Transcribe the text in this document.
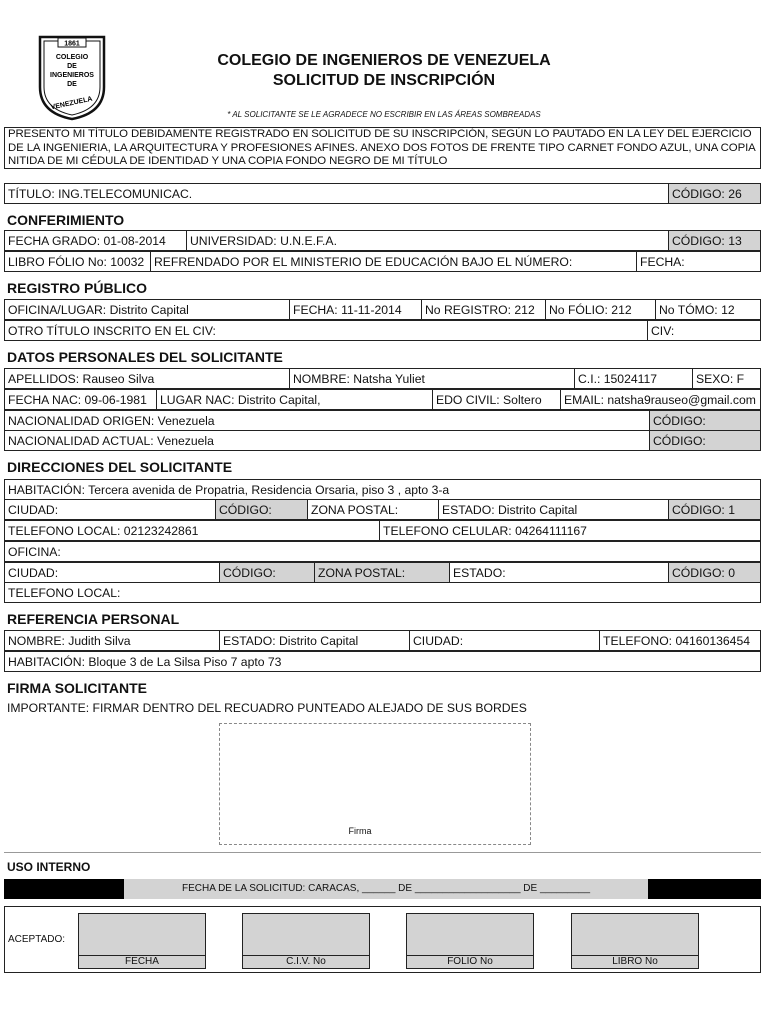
1861
COLEGIO
DE
INGENIEROS
DE
VENEZUELA
COLEGIO DE INGENIEROS DE VENEZUELA
SOLICITUD DE INSCRIPCIÓN
* AL SOLICITANTE SE LE AGRADECE NO ESCRIBIR EN LAS ÁREAS SOMBREADAS
PRESENTO MI TÍTULO DEBIDAMENTE REGISTRADO EN SOLICITUD DE SU INSCRIPCIÓN, SEGÚN LO PAUTADO EN LA LEY DEL EJERCICIO DE LA INGENIERIA, LA ARQUITECTURA Y PROFESIONES AFINES. ANEXO DOS FOTOS DE FRENTE TIPO CARNET FONDO AZUL, UNA COPIA NITIDA DE MI CÉDULA DE IDENTIDAD Y UNA COPIA FONDO NEGRO DE MI TÍTULO
TÍTULO: ING.TELECOMUNICAC.	CÓDIGO: 26
CONFERIMIENTO
FECHA GRADO: 01-08-2014	UNIVERSIDAD: U.N.E.F.A.	CÓDIGO: 13
LIBRO FÓLIO No: 10032 REFRENDADO POR EL MINISTERIO DE EDUCACIÓN BAJO EL NÚMERO:	FECHA:
REGISTRO PÚBLICO
OFICINA/LUGAR: Distrito Capital	FECHA: 11-11-2014	No REGISTRO: 212	No FÓLIO: 212	No TÓMO: 12
OTRO TÍTULO INSCRITO EN EL CIV:	CIV:
DATOS PERSONALES DEL SOLICITANTE
APELLIDOS: Rauseo Silva	NOMBRE: Natsha Yuliet	C.I.: 15024117	SEXO: F
FECHA NAC: 09-06-1981	LUGAR NAC: Distrito Capital,	EDO CIVIL: Soltero	EMAIL: natsha9rauseo@gmail.com
NACIONALIDAD ORIGEN: Venezuela	CÓDIGO:
NACIONALIDAD ACTUAL: Venezuela	CÓDIGO:
DIRECCIONES DEL SOLICITANTE
HABITACIÓN: Tercera avenida de Propatria, Residencia Orsaria, piso 3 , apto 3-a
CIUDAD:	CÓDIGO:	ZONA POSTAL:	ESTADO: Distrito Capital	CÓDIGO: 1
TELEFONO LOCAL: 02123242861	TELEFONO CELULAR: 04264111167
OFICINA:
CIUDAD:	CÓDIGO:	ZONA POSTAL:	ESTADO:	CÓDIGO: 0
TELEFONO LOCAL:
REFERENCIA PERSONAL
NOMBRE: Judith Silva	ESTADO: Distrito Capital	CIUDAD:	TELEFONO: 04160136454
HABITACIÓN: Bloque 3 de La Silsa Piso 7 apto 73
FIRMA SOLICITANTE
IMPORTANTE: FIRMAR DENTRO DEL RECUADRO PUNTEADO ALEJADO DE SUS BORDES
Firma
USO INTERNO
FECHA DE LA SOLICITUD: CARACAS, ______ DE ___________________ DE _________
ACEPTADO:
FECHA	C.I.V. No	FOLIO No	LIBRO No
